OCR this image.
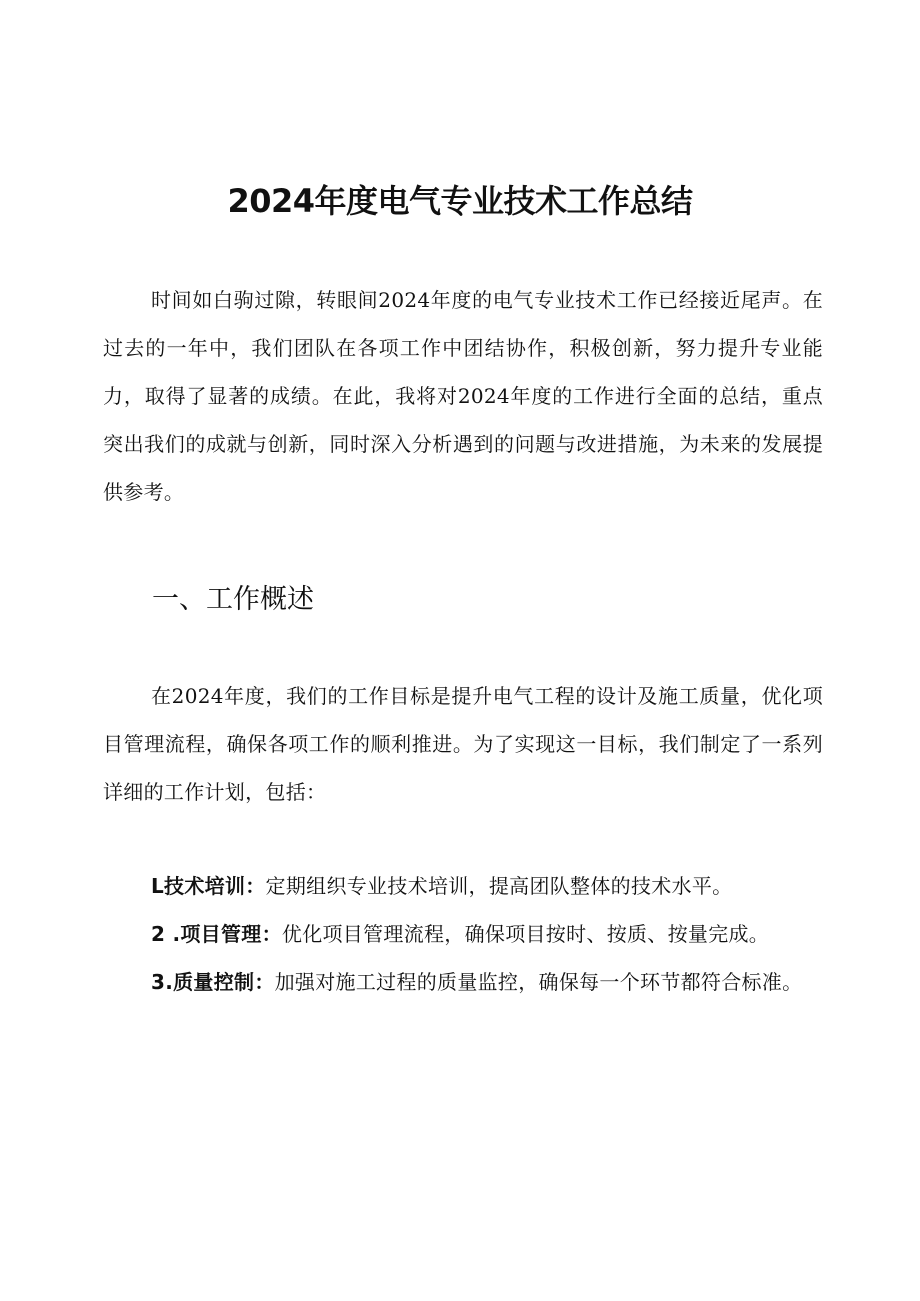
2024年度电气专业技术工作总结

时间如白驹过隙，转眼间2024年度的电气专业技术工作已经接近尾声。在过去的一年中，我们团队在各项工作中团结协作，积极创新，努力提升专业能力，取得了显著的成绩。在此，我将对2024年度的工作进行全面的总结，重点突出我们的成就与创新，同时深入分析遇到的问题与改进措施，为未来的发展提供参考。

一、工作概述

在2024年度，我们的工作目标是提升电气工程的设计及施工质量，优化项目管理流程，确保各项工作的顺利推进。为了实现这一目标，我们制定了一系列详细的工作计划，包括：

L技术培训：定期组织专业技术培训，提高团队整体的技术水平。
2 .项目管理：优化项目管理流程，确保项目按时、按质、按量完成。
3.质量控制：加强对施工过程的质量监控，确保每一个环节都符合标准。
